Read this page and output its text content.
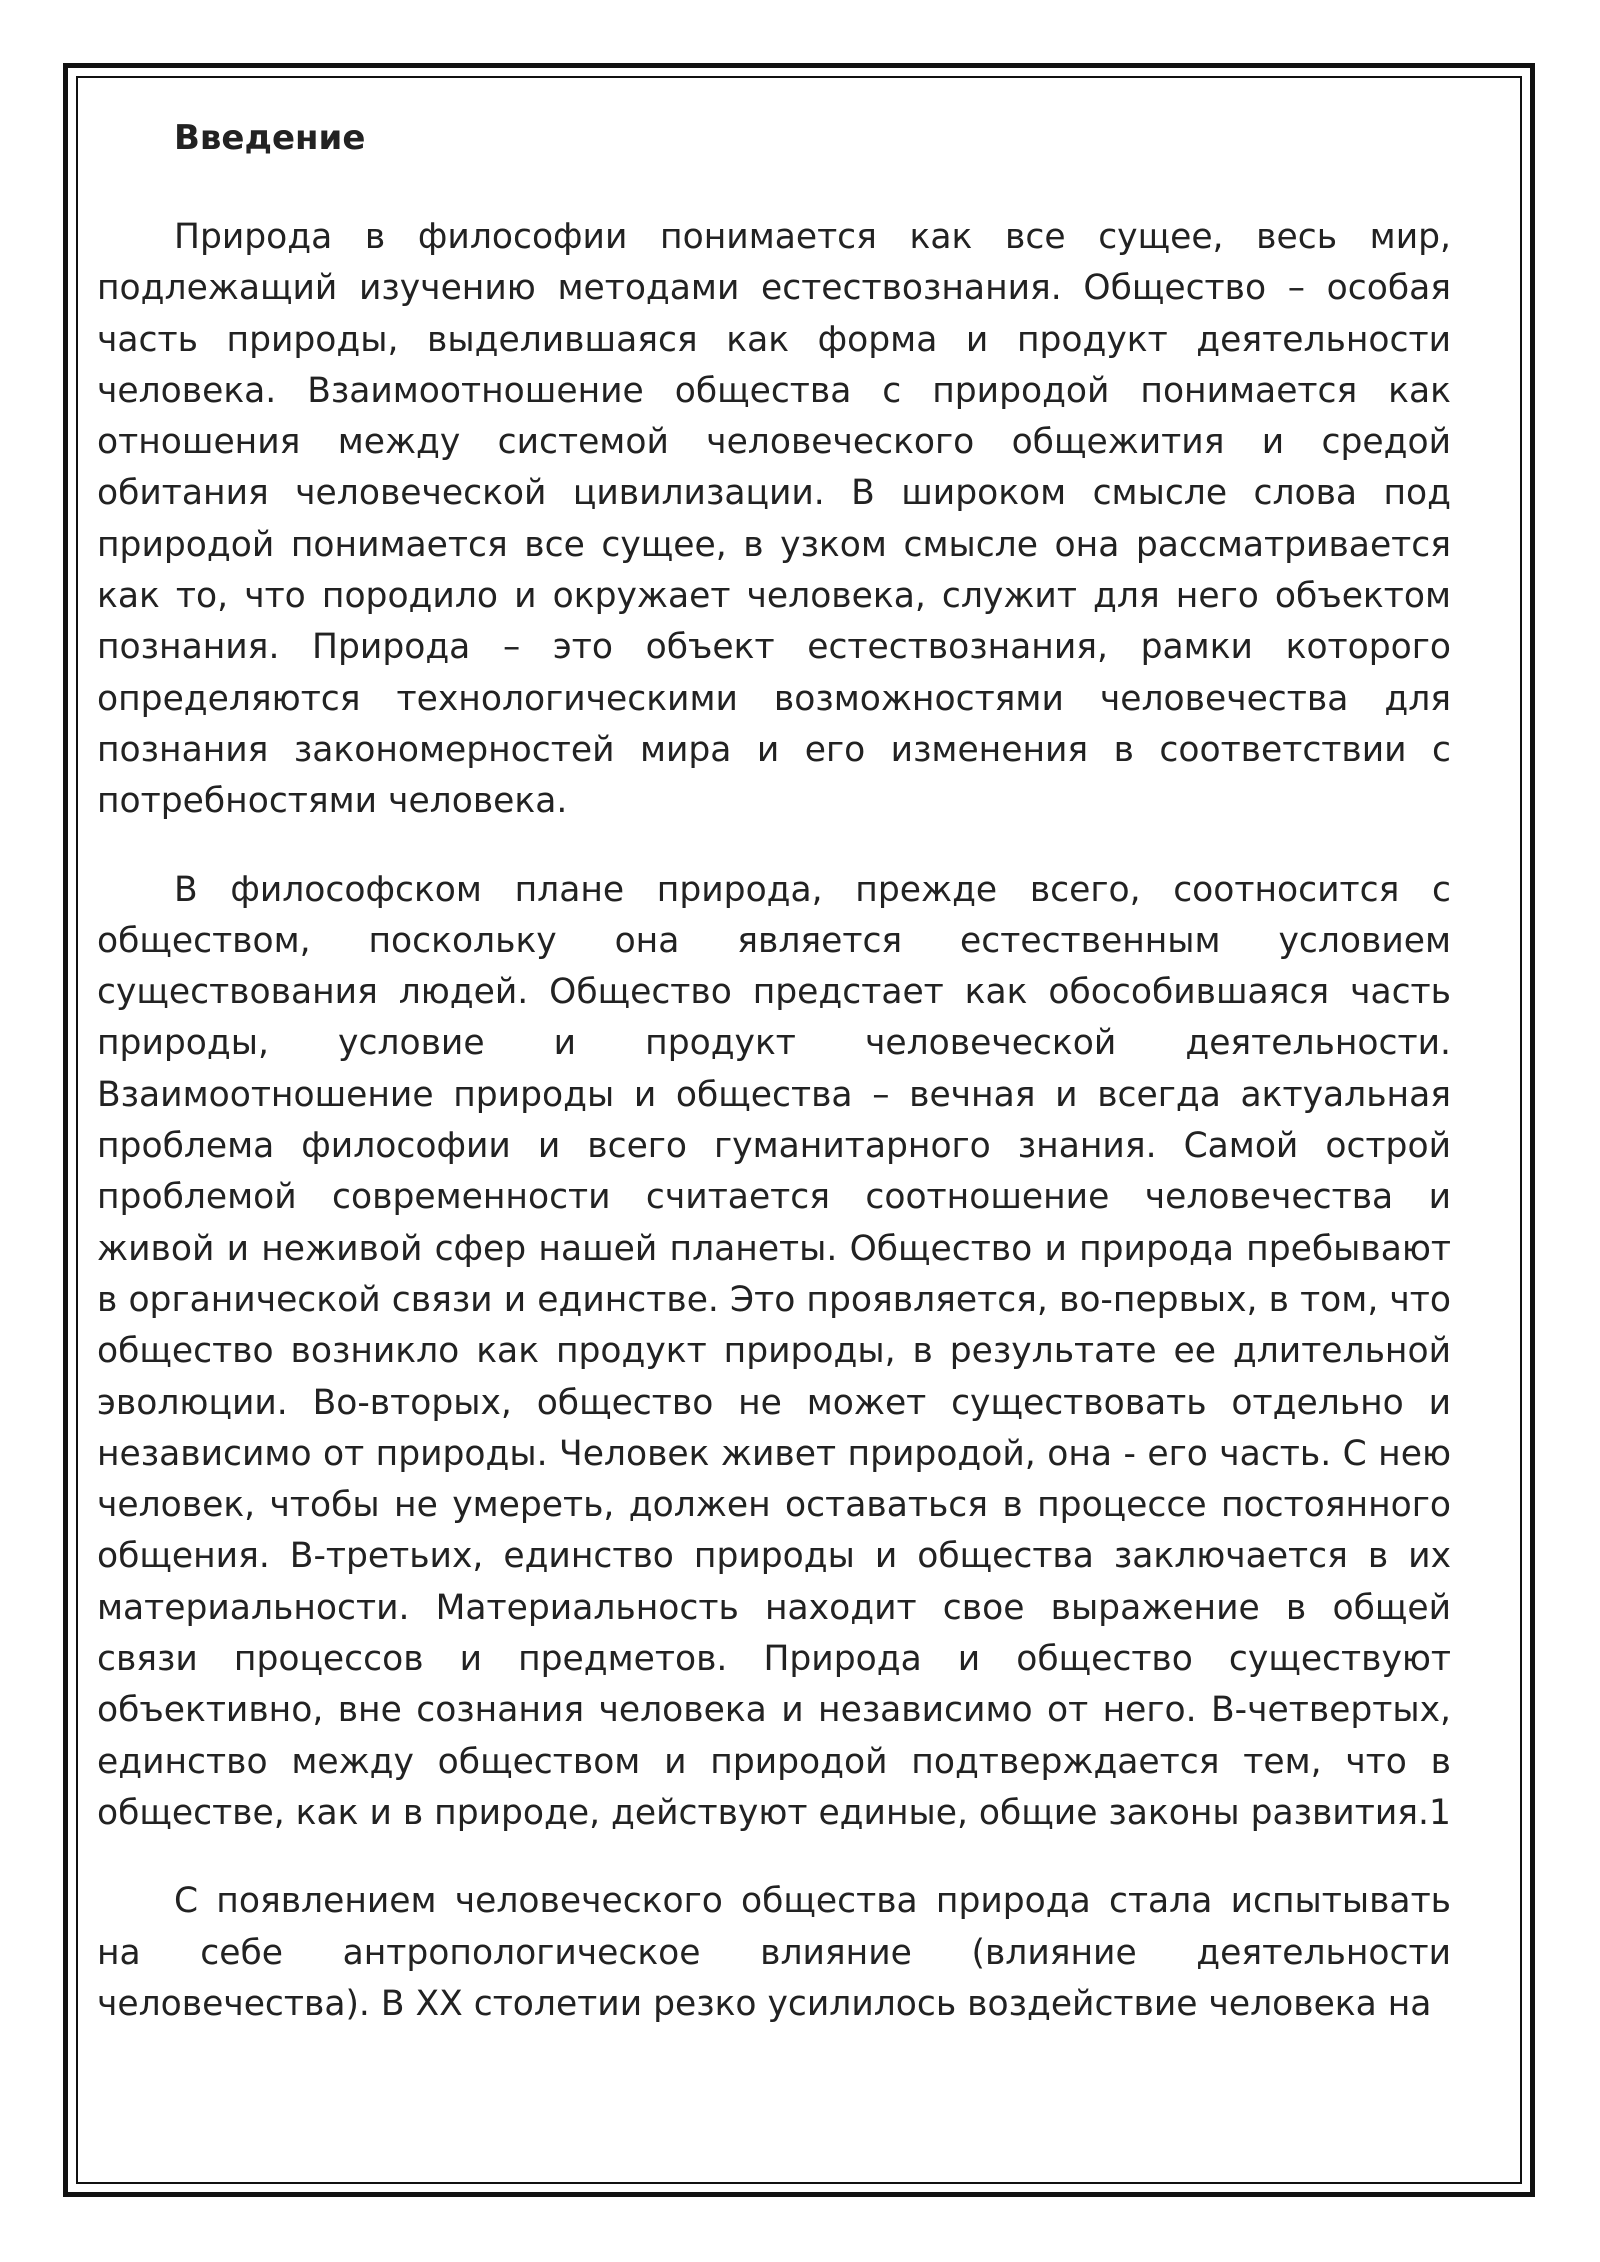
Введение

Природа в философии понимается как все сущее, весь мир, подлежащий изучению методами естествознания. Общество – особая часть природы, выделившаяся как форма и продукт деятельности человека. Взаимоотношение общества с природой понимается как отношения между системой человеческого общежития и средой обитания человеческой цивилизации. В широком смысле слова под природой понимается все сущее, в узком смысле она рассматривается как то, что породило и окружает человека, служит для него объектом познания. Природа – это объект естествознания, рамки которого определяются технологическими возможностями человечества для познания закономерностей мира и его изменения в соответствии с потребностями человека.

В философском плане природа, прежде всего, соотносится с обществом, поскольку она является естественным условием существования людей. Общество предстает как обособившаяся часть природы, условие и продукт человеческой деятельности. Взаимоотношение природы и общества – вечная и всегда актуальная проблема философии и всего гуманитарного знания. Самой острой проблемой современности считается соотношение человечества и живой и неживой сфер нашей планеты. Общество и природа пребывают в органической связи и единстве. Это проявляется, во-первых, в том, что общество возникло как продукт природы, в результате ее длительной эволюции. Во-вторых, общество не может существовать отдельно и независимо от природы. Человек живет природой, она - его часть. С нею человек, чтобы не умереть, должен оставаться в процессе постоянного общения. В-третьих, единство природы и общества заключается в их материальности. Материальность находит свое выражение в общей связи процессов и предметов. Природа и общество существуют объективно, вне сознания человека и независимо от него. В-четвертых, единство между обществом и природой подтверждается тем, что в обществе, как и в природе, действуют единые, общие законы развития.1

С появлением человеческого общества природа стала испытывать на себе антропологическое влияние (влияние деятельности человечества). В XX столетии резко усилилось воздействие человека на
